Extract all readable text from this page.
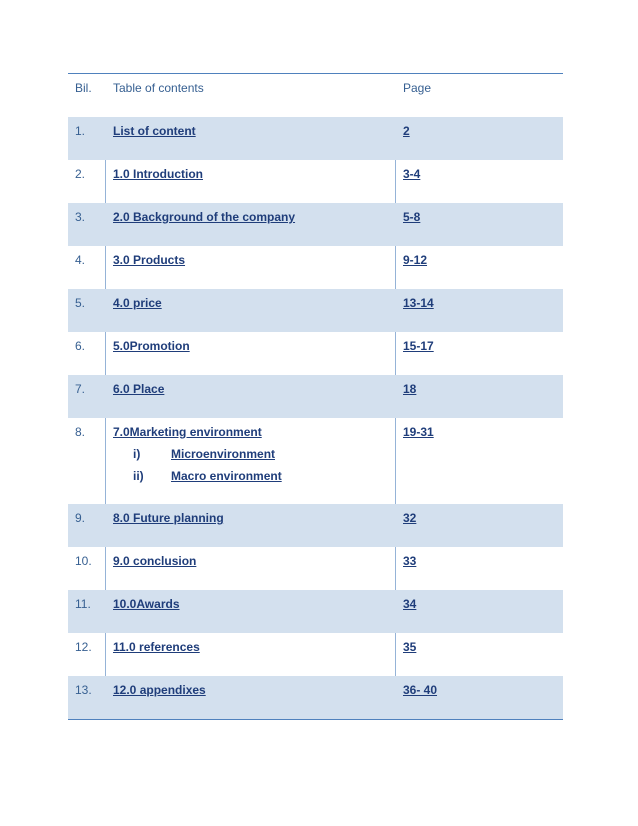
Bil. Table of contents	Page
1. List of content	2
2. 1.0 Introduction	3-4
3. 2.0 Background of the company	5-8
4. 3.0 Products	9-12
5. 4.0 price	13-14
6. 5.0Promotion	15-17
7. 6.0 Place	18
8. 7.0Marketing environment	19-31
i)	Microenvironment
ii) Macro environment
9. 8.0 Future planning	32
10. 9.0 conclusion	33
11. 10.0Awards	34
12. 11.0 references	35
13. 12.0 appendixes	36- 40
